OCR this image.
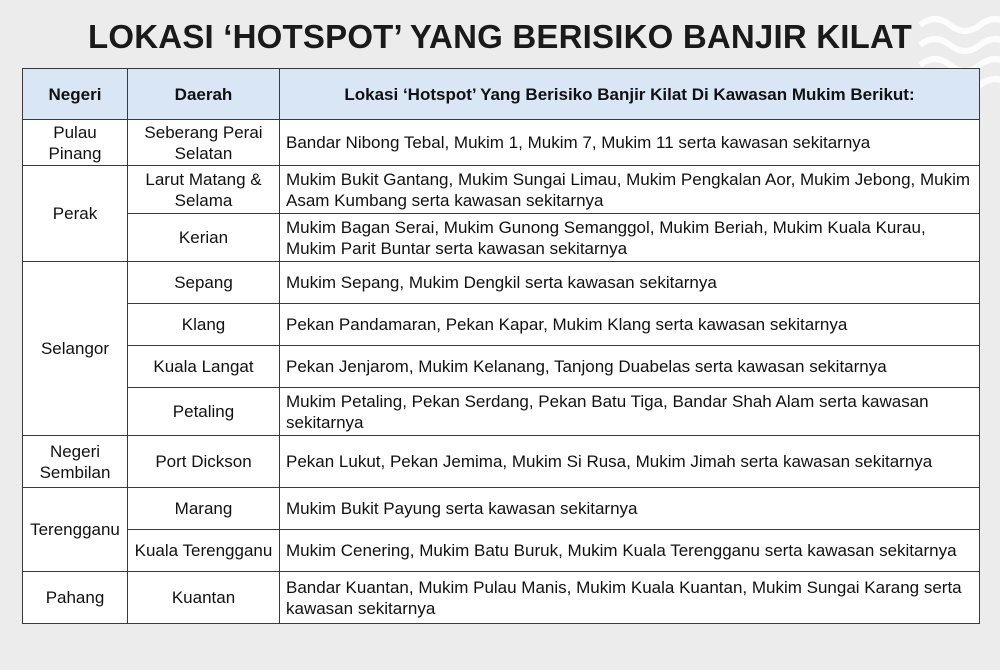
LOKASI ‘HOTSPOT’ YANG BERISIKO BANJIR KILAT
Negeri	Daerah	Lokasi ‘Hotspot’ Yang Berisiko Banjir Kilat Di Kawasan Mukim Berikut:
Pulau Pinang	Seberang Perai Selatan	Bandar Nibong Tebal, Mukim 1, Mukim 7, Mukim 11 serta kawasan sekitarnya
Perak	Larut Matang & Selama	Mukim Bukit Gantang, Mukim Sungai Limau, Mukim Pengkalan Aor, Mukim Jebong, Mukim Asam Kumbang serta kawasan sekitarnya
	Kerian	Mukim Bagan Serai, Mukim Gunong Semanggol, Mukim Beriah, Mukim Kuala Kurau, Mukim Parit Buntar serta kawasan sekitarnya
Selangor	Sepang	Mukim Sepang, Mukim Dengkil serta kawasan sekitarnya
	Klang	Pekan Pandamaran, Pekan Kapar, Mukim Klang serta kawasan sekitarnya
	Kuala Langat	Pekan Jenjarom, Mukim Kelanang, Tanjong Duabelas serta kawasan sekitarnya
	Petaling	Mukim Petaling, Pekan Serdang, Pekan Batu Tiga, Bandar Shah Alam serta kawasan sekitarnya
Negeri Sembilan	Port Dickson	Pekan Lukut, Pekan Jemima, Mukim Si Rusa, Mukim Jimah serta kawasan sekitarnya
Terengganu	Marang	Mukim Bukit Payung serta kawasan sekitarnya
	Kuala Terengganu	Mukim Cenering, Mukim Batu Buruk, Mukim Kuala Terengganu serta kawasan sekitarnya
Pahang	Kuantan	Bandar Kuantan, Mukim Pulau Manis, Mukim Kuala Kuantan, Mukim Sungai Karang serta kawasan sekitarnya
